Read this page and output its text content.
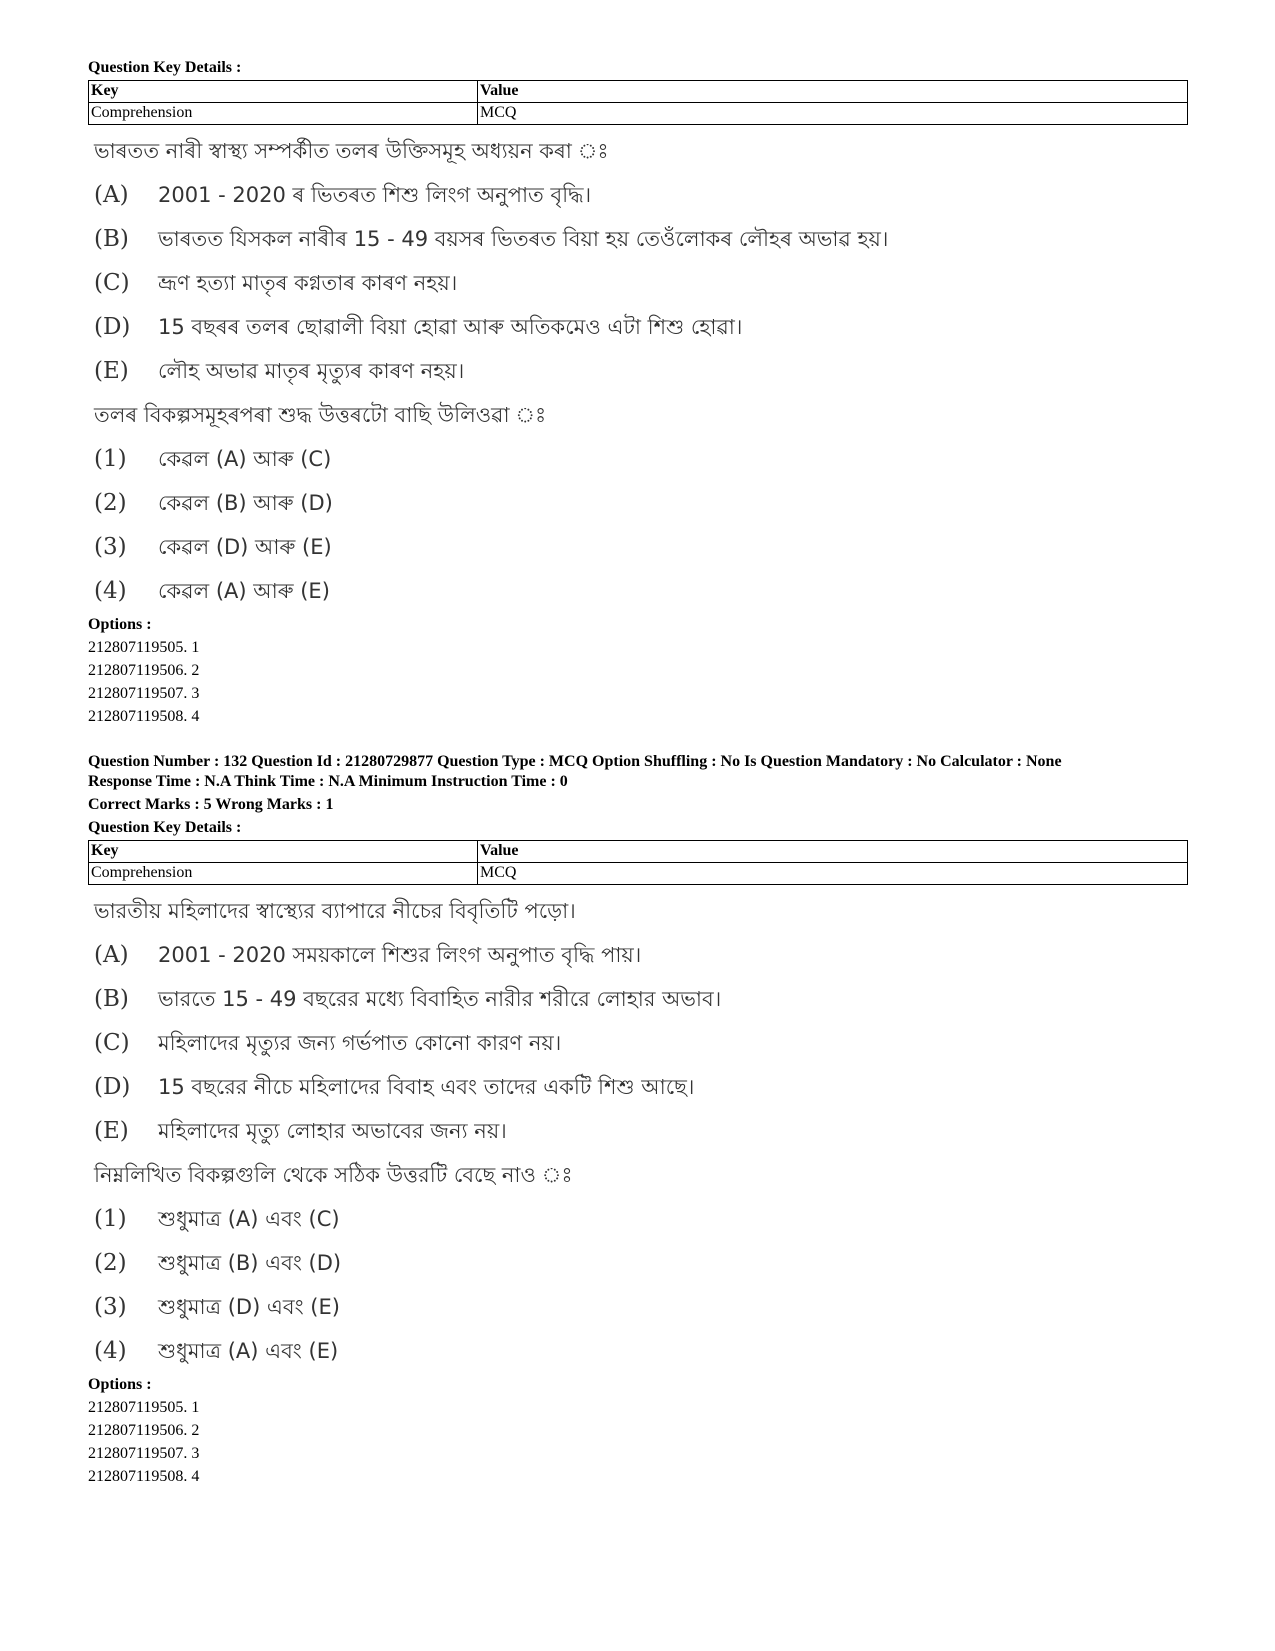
Question Key Details :
Key	Value
Comprehension	MCQ
ভাৰতত নাৰী স্বাস্থ্য সম্পৰ্কীত তলৰ উক্তিসমূহ অধ্যয়ন কৰা ঃ
(A)	2001 - 2020 ৰ ভিতৰত শিশু লিংগ অনুপাত বৃদ্ধি।
(B)	ভাৰতত যিসকল নাৰীৰ 15 - 49 বয়সৰ ভিতৰত বিয়া হয় তেওঁলোকৰ লৌহৰ অভাৱ হয়।
(C)	ভ্ৰূণ হত্যা মাতৃৰ কগ্নতাৰ কাৰণ নহয়।
(D)	15 বছৰৰ তলৰ ছোৱালী বিয়া হোৱা আৰু অতিকমেও এটা শিশু হোৱা।
(E)	লৌহ অভাৱ মাতৃৰ মৃত্যুৰ কাৰণ নহয়।
তলৰ বিকল্পসমূহৰপৰা শুদ্ধ উত্তৰটো বাছি উলিওৱা ঃ
(1)	কেৱল (A) আৰু (C)
(2)	কেৱল (B) আৰু (D)
(3)	কেৱল (D) আৰু (E)
(4)	কেৱল (A) আৰু (E)
Options :
212807119505. 1
212807119506. 2
212807119507. 3
212807119508. 4
Question Number : 132 Question Id : 21280729877 Question Type : MCQ Option Shuffling : No Is Question Mandatory : No Calculator : None
Response Time : N.A Think Time : N.A Minimum Instruction Time : 0
Correct Marks : 5 Wrong Marks : 1
Question Key Details :
Key	Value
Comprehension	MCQ
ভারতীয় মহিলাদের স্বাস্থ্যের ব্যাপারে নীচের বিবৃতিটি পড়ো।
(A)	2001 - 2020 সময়কালে শিশুর লিংগ অনুপাত বৃদ্ধি পায়।
(B)	ভারতে 15 - 49 বছরের মধ্যে বিবাহিত নারীর শরীরে লোহার অভাব।
(C)	মহিলাদের মৃত্যুর জন্য গর্ভপাত কোনো কারণ নয়।
(D)	15 বছরের নীচে মহিলাদের বিবাহ এবং তাদের একটি শিশু আছে।
(E)	মহিলাদের মৃত্যু লোহার অভাবের জন্য নয়।
নিম্নলিখিত বিকল্পগুলি থেকে সঠিক উত্তরটি বেছে নাও ঃ
(1)	শুধুমাত্র (A) এবং (C)
(2)	শুধুমাত্র (B) এবং (D)
(3)	শুধুমাত্র (D) এবং (E)
(4)	শুধুমাত্র (A) এবং (E)
Options :
212807119505. 1
212807119506. 2
212807119507. 3
212807119508. 4
